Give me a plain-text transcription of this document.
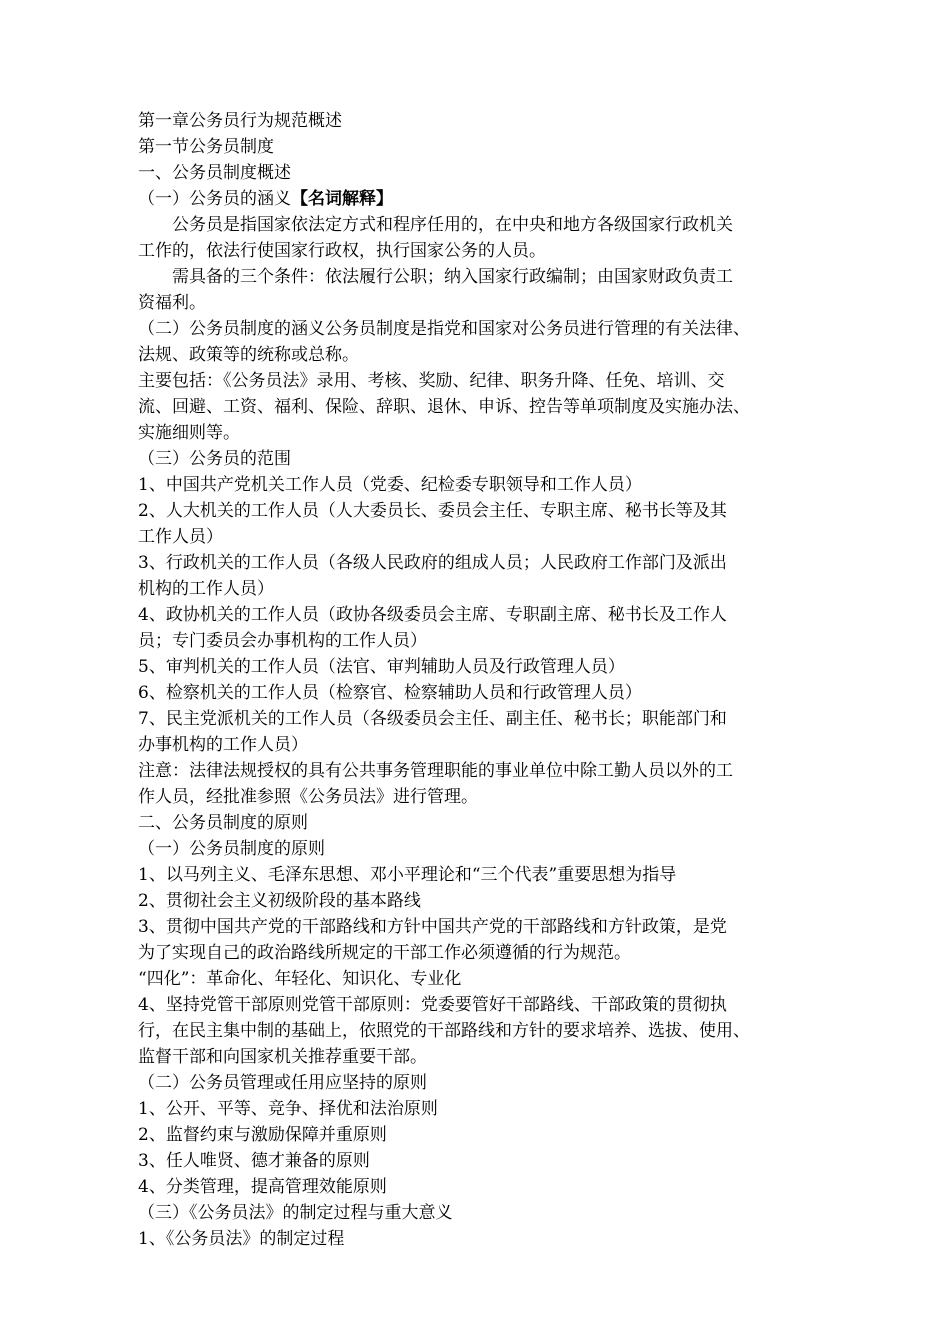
第一章公务员行为规范概述
第一节公务员制度
一、公务员制度概述
（一）公务员的涵义【名词解释】
公务员是指国家依法定方式和程序任用的，在中央和地方各级国家行政机关
工作的，依法行使国家行政权，执行国家公务的人员。
需具备的三个条件：依法履行公职；纳入国家行政编制；由国家财政负责工
资福利。
（二）公务员制度的涵义公务员制度是指党和国家对公务员进行管理的有关法律、
法规、政策等的统称或总称。
主要包括：《公务员法》录用、考核、奖励、纪律、职务升降、任免、培训、交
流、回避、工资、福利、保险、辞职、退休、申诉、控告等单项制度及实施办法、
实施细则等。
（三）公务员的范围
1、中国共产党机关工作人员（党委、纪检委专职领导和工作人员）
2、人大机关的工作人员（人大委员长、委员会主任、专职主席、秘书长等及其
工作人员）
3、行政机关的工作人员（各级人民政府的组成人员；人民政府工作部门及派出
机构的工作人员）
4、政协机关的工作人员（政协各级委员会主席、专职副主席、秘书长及工作人
员；专门委员会办事机构的工作人员）
5、审判机关的工作人员（法官、审判辅助人员及行政管理人员）
6、检察机关的工作人员（检察官、检察辅助人员和行政管理人员）
7、民主党派机关的工作人员（各级委员会主任、副主任、秘书长；职能部门和
办事机构的工作人员）
注意：法律法规授权的具有公共事务管理职能的事业单位中除工勤人员以外的工
作人员，经批准参照《公务员法》进行管理。
二、公务员制度的原则
（一）公务员制度的原则
1、以马列主义、毛泽东思想、邓小平理论和“三个代表”重要思想为指导
2、贯彻社会主义初级阶段的基本路线
3、贯彻中国共产党的干部路线和方针中国共产党的干部路线和方针政策，是党
为了实现自己的政治路线所规定的干部工作必须遵循的行为规范。
“四化”：革命化、年轻化、知识化、专业化
4、坚持党管干部原则党管干部原则：党委要管好干部路线、干部政策的贯彻执
行，在民主集中制的基础上，依照党的干部路线和方针的要求培养、选拔、使用、
监督干部和向国家机关推荐重要干部。
（二）公务员管理或任用应坚持的原则
1、公开、平等、竞争、择优和法治原则
2、监督约束与激励保障并重原则
3、任人唯贤、德才兼备的原则
4、分类管理，提高管理效能原则
（三）《公务员法》的制定过程与重大意义
1、《公务员法》的制定过程
